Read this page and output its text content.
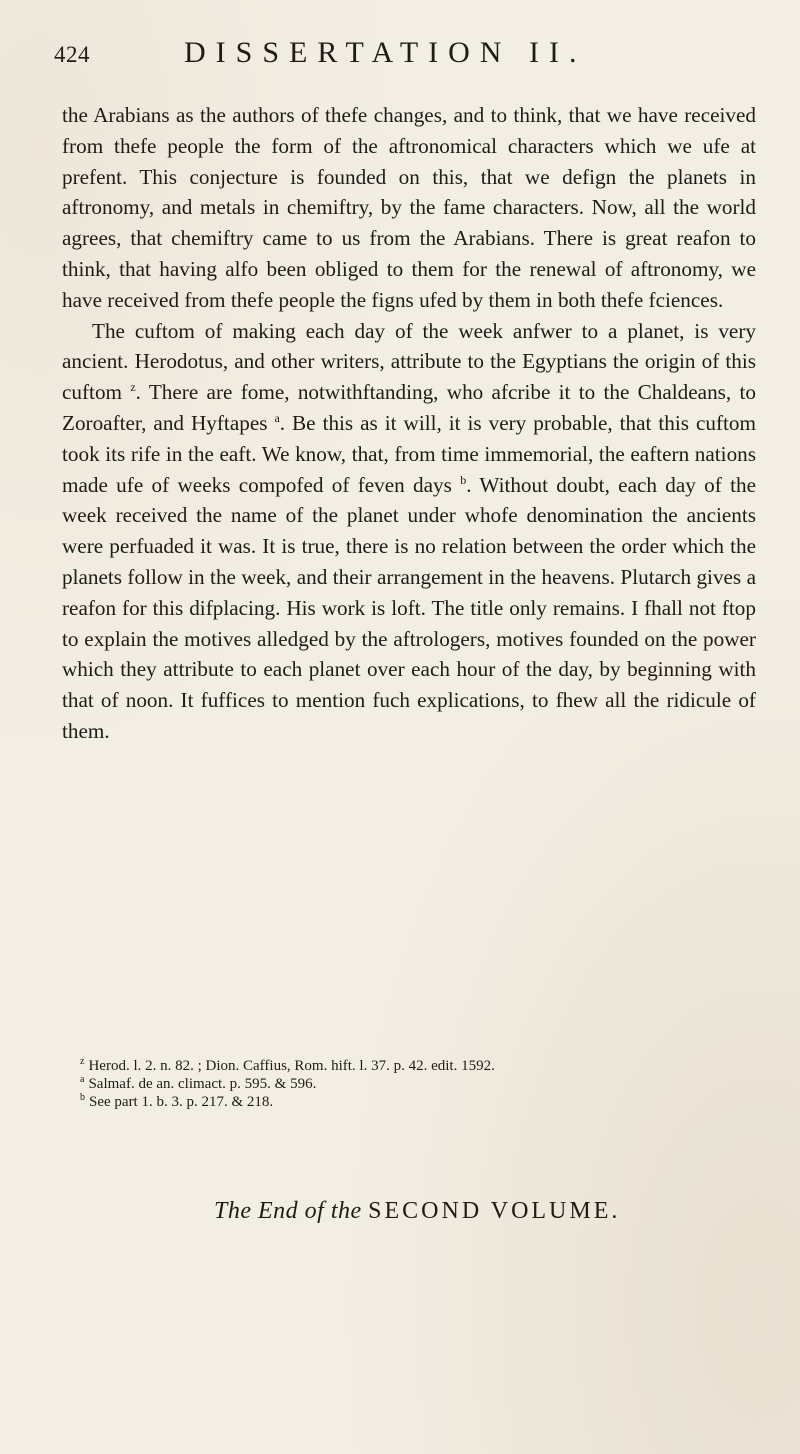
424	DISSERTATION II.

the Arabians as the authors of thefe changes, and to think, that we have received from thefe people the form of the aftronomical characters which we ufe at prefent. This conjecture is founded on this, that we defign the planets in aftronomy, and metals in chemiftry, by the fame characters. Now, all the world agrees, that chemiftry came to us from the Arabians. There is great reafon to think, that having alfo been obliged to them for the renewal of aftronomy, we have received from thefe people the figns ufed by them in both thefe fciences.

The cuftom of making each day of the week anfwer to a planet, is very ancient. Herodotus, and other writers, attribute to the Egyptians the origin of this cuftom $^z$. There are fome, notwithftanding, who afcribe it to the Chaldeans, to Zoroafter, and Hyftapes $^a$. Be this as it will, it is very probable, that this cuftom took its rife in the eaft. We know, that, from time immemorial, the eaftern nations made ufe of weeks compofed of feven days $^b$. Without doubt, each day of the week received the name of the planet under whofe denomination the ancients were perfuaded it was. It is true, there is no relation between the order which the planets follow in the week, and their arrangement in the heavens. Plutarch gives a reafon for this difplacing. His work is loft. The title only remains. I fhall not ftop to explain the motives alledged by the aftrologers, motives founded on the power which they attribute to each planet over each hour of the day, by beginning with that of noon. It fuffices to mention fuch explications, to fhew all the ridicule of them.

$^z$ Herod. l. 2. n. 82. ; Dion. Caffius, Rom. hift. l. 37. p. 42. edit. 1592.

$^a$ Salmaf. de an. climact. p. 595. & 596.

$^b$ See part 1. b. 3. p. 217. & 218.

The End of the SECOND VOLUME.
